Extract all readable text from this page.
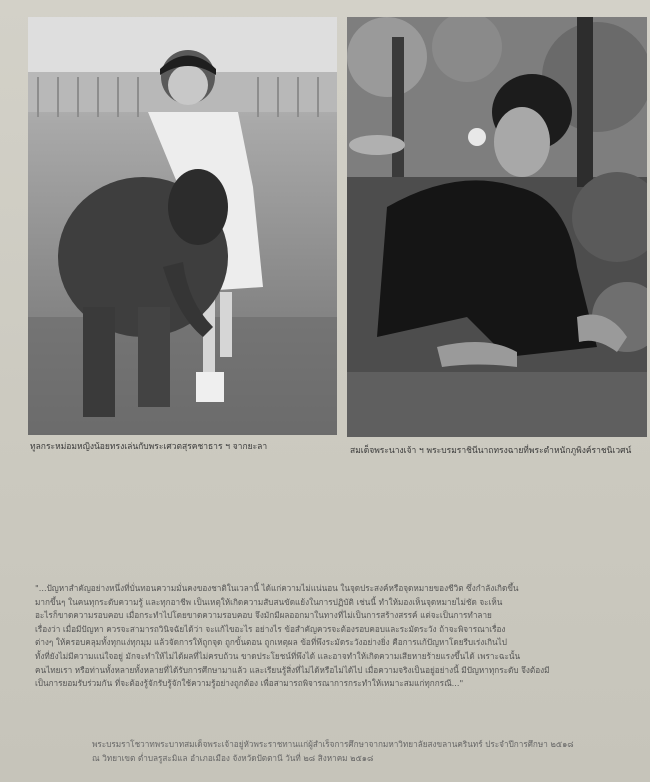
ทูลกระหม่อมหญิงน้อยทรงเล่นกับพระเศวตสุรคชาธาร ฯ จากยะลา	สมเด็จพระนางเจ้า ฯ พระบรมราชินีนาถทรงฉายที่พระตำหนักภูพิงค์ราชนิเวศน์
"...ปัญหาสำคัญอย่างหนึ่งที่บั่นทอนความมั่นคงของชาติในเวลานี้ ได้แก่ความไม่แน่นอน ในจุดประสงค์หรือจุดหมายของชีวิต ซึ่งกำลังเกิดขึ้น
มากขึ้นๆ ในคนทุกระดับความรู้ และทุกอาชีพ เป็นเหตุให้เกิดความสับสนขัดแย้งในการปฏิบัติ เช่นนี้ ทำให้มองเห็นจุดหมายไม่ชัด จะเห็น
อะไรก็ขาดความรอบคอบ เมื่อกระทำไปโดยขาดความรอบคอบ จึงมักมีผลออกมาในทางที่ไม่เป็นการสร้างสรรค์ แต่จะเป็นการทำลาย
เรื่องว่า เมื่อมีปัญหา ควรจะสามารถวินิจฉัยได้ว่า จะแก้ไขอะไร อย่างไร ข้อสำคัญควรจะต้องรอบคอบและระมัดระวัง ถ้าจะพิจารณาเรื่อง
ต่างๆ ให้ครอบคลุมทั้งทุกแง่ทุกมุม แล้วจัดการให้ถูกจุด ถูกขั้นตอน ถูกเหตุผล ข้อที่พึงระมัดระวังอย่างยิ่ง คือการแก้ปัญหาโดยรีบเร่งเกินไป
ทั้งที่ยังไม่มีความแน่ใจอยู่ มักจะทำให้ไม่ได้ผลที่ไม่ครบถ้วน ขาดประโยชน์ที่พึงได้ และอาจทำให้เกิดความเสียหายร้ายแรงขึ้นได้ เพราะฉะนั้น
คนไทยเรา หรือท่านทั้งหลายทั้งหลายที่ได้รับการศึกษามาแล้ว และเรียนรู้สิ่งที่ไม่ได้หรือไม่ได้ไป เมื่อความจริงเป็นอยู่อย่างนี้ มีปัญหาทุกระดับ จึงต้องมี
เป็นการยอมรับร่วมกัน ที่จะต้องรู้จักรับรู้จักใช้ความรู้อย่างถูกต้อง เพื่อสามารถพิจารณาการกระทำให้เหมาะสมแก่ทุกกรณี..."
พระบรมราโชวาทพระบาทสมเด็จพระเจ้าอยู่หัวพระราชทานแก่ผู้สำเร็จการศึกษาจากมหาวิทยาลัยสงขลานครินทร์ ประจำปีการศึกษา ๒๕๑๘
ณ วิทยาเขต ต่ำบลรูสะมิแล อำเภอเมือง จังหวัดปัตตานี วันที่ ๒๘ สิงหาคม ๒๕๑๘
